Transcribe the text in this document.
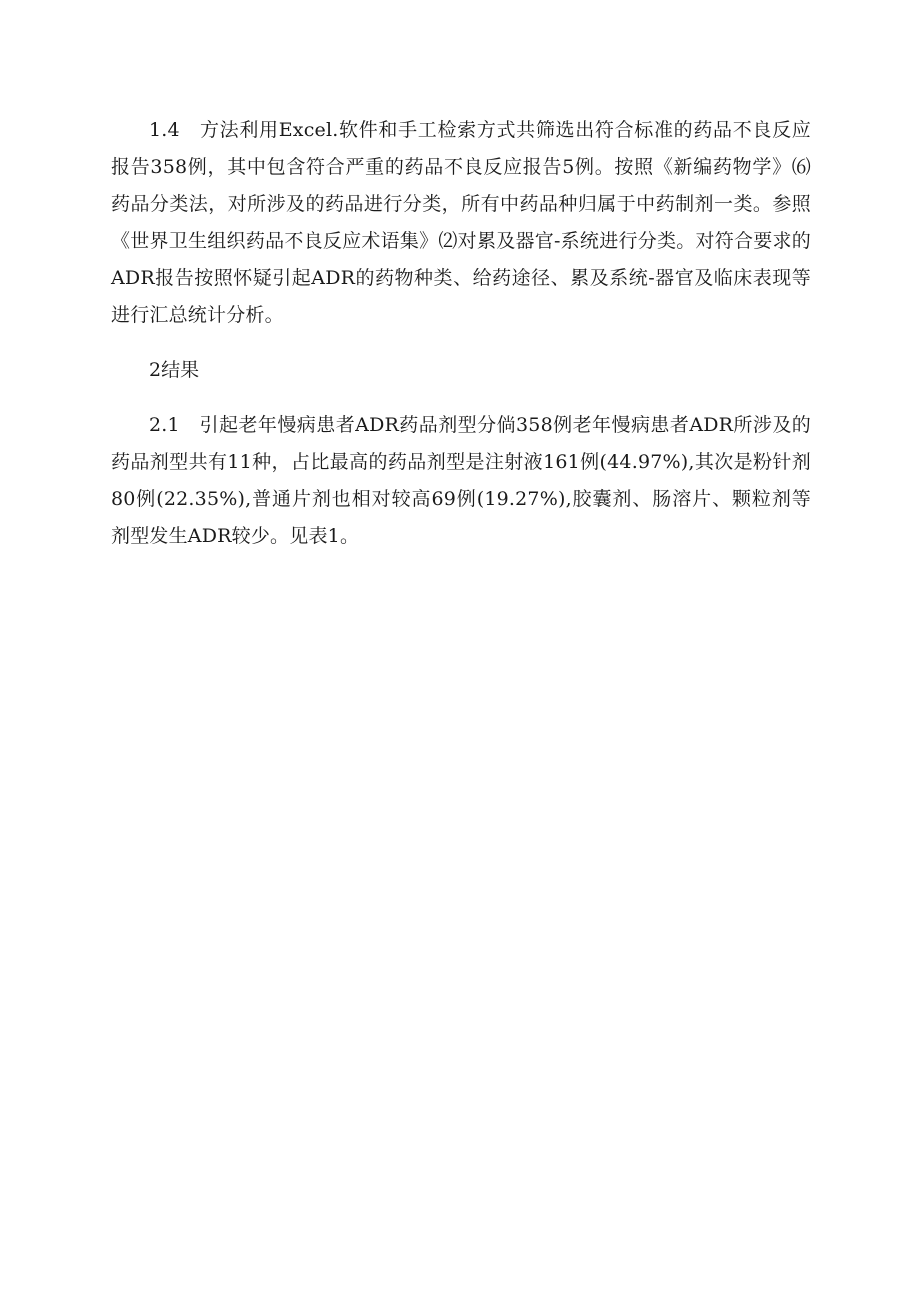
1.4　方法利用Excel.软件和手工检索方式共筛选出符合标准的药品不良反应报告358例，其中包含符合严重的药品不良反应报告5例。按照《新编药物学》⑹药品分类法，对所涉及的药品进行分类，所有中药品种归属于中药制剂一类。参照《世界卫生组织药品不良反应术语集》⑵对累及器官-系统进行分类。对符合要求的ADR报告按照怀疑引起ADR的药物种类、给药途径、累及系统-器官及临床表现等进行汇总统计分析。

2结果

2.1　引起老年慢病患者ADR药品剂型分倘358例老年慢病患者ADR所涉及的药品剂型共有11种，占比最高的药品剂型是注射液161例(44.97%),其次是粉针剂80例(22.35%),普通片剂也相对较高69例(19.27%),胶囊剂、肠溶片、颗粒剂等剂型发生ADR较少。见表1。
